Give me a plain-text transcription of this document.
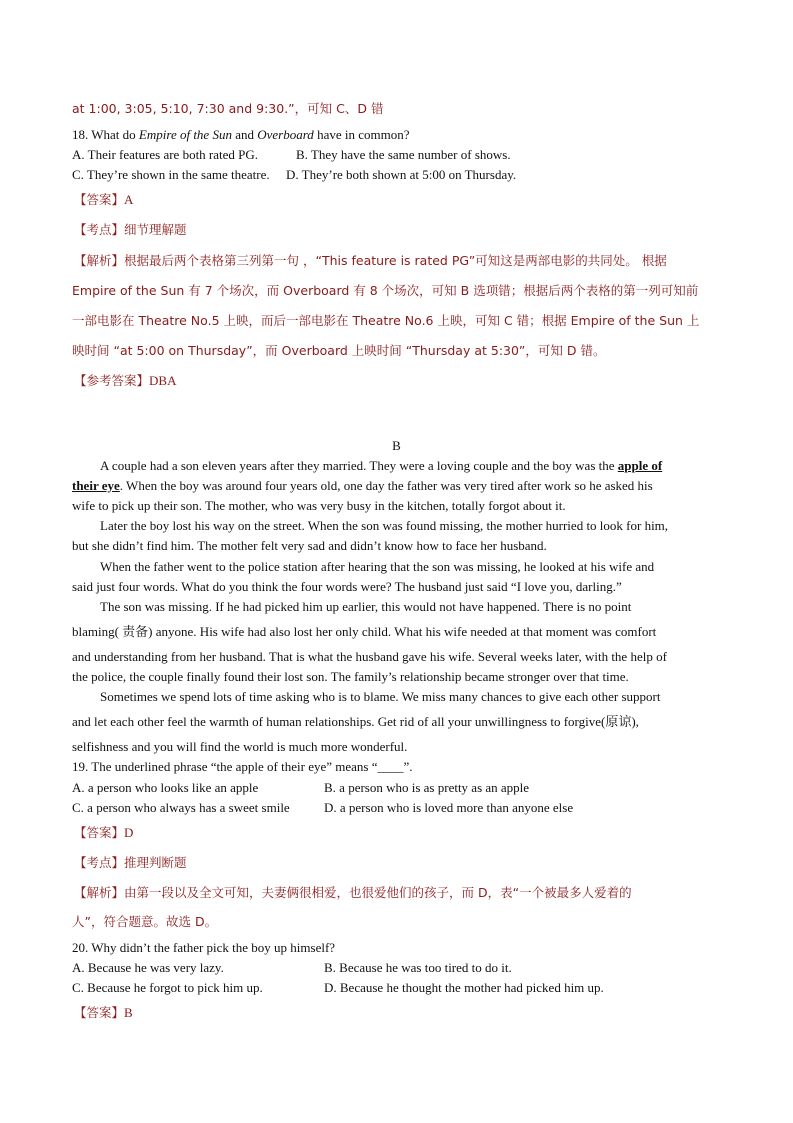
at 1:00, 3:05, 5:10, 7:30 and 9:30.”，可知 C、D 错
18. What do Empire of the Sun and Overboard have in common?
A. Their features are both rated PG.	B. They have the same number of shows.
C. They’re shown in the same theatre. D. They’re both shown at 5:00 on Thursday.
【答案】A
【考点】细节理解题
【解析】根据最后两个表格第三列第一句 ，“This feature is rated PG”可知这是两部电影的共同处。 根据
Empire of the Sun 有 7 个场次，而 Overboard 有 8 个场次，可知 B 选项错；根据后两个表格的第一列可知前
一部电影在 Theatre No.5 上映，而后一部电影在 Theatre No.6 上映，可知 C 错；根据 Empire of the Sun 上
映时间 “at 5:00 on Thursday”，而 Overboard 上映时间 “Thursday at 5:30”，可知 D 错。
【参考答案】DBA
B
A couple had a son eleven years after they married. They were a loving couple and the boy was the apple of
their eye. When the boy was around four years old, one day the father was very tired after work so he asked his
wife to pick up their son. The mother, who was very busy in the kitchen, totally forgot about it.
Later the boy lost his way on the street. When the son was found missing, the mother hurried to look for him,
but she didn’t find him. The mother felt very sad and didn’t know how to face her husband.
When the father went to the police station after hearing that the son was missing, he looked at his wife and
said just four words. What do you think the four words were? The husband just said “I love you, darling.”
The son was missing. If he had picked him up earlier, this would not have happened. There is no point
blaming( 责备) anyone. His wife had also lost her only child. What his wife needed at that moment was comfort
and understanding from her husband. That is what the husband gave his wife. Several weeks later, with the help of
the police, the couple finally found their lost son. The family’s relationship became stronger over that time.
Sometimes we spend lots of time asking who is to blame. We miss many chances to give each other support
and let each other feel the warmth of human relationships. Get rid of all your unwillingness to forgive(原谅),
selfishness and you will find the world is much more wonderful.
19. The underlined phrase “the apple of their eye” means “____”.
A. a person who looks like an apple	B. a person who is as pretty as an apple
C. a person who always has a sweet smile	D. a person who is loved more than anyone else
【答案】D
【考点】推理判断题
【解析】由第一段以及全文可知，夫妻俩很相爱，也很爱他们的孩子，而 D，表“一个被最多人爱着的
人”，符合题意。故选 D。
20. Why didn’t the father pick the boy up himself?
A. Because he was very lazy.	B. Because he was too tired to do it.
C. Because he forgot to pick him up.	D. Because he thought the mother had picked him up.
【答案】B
